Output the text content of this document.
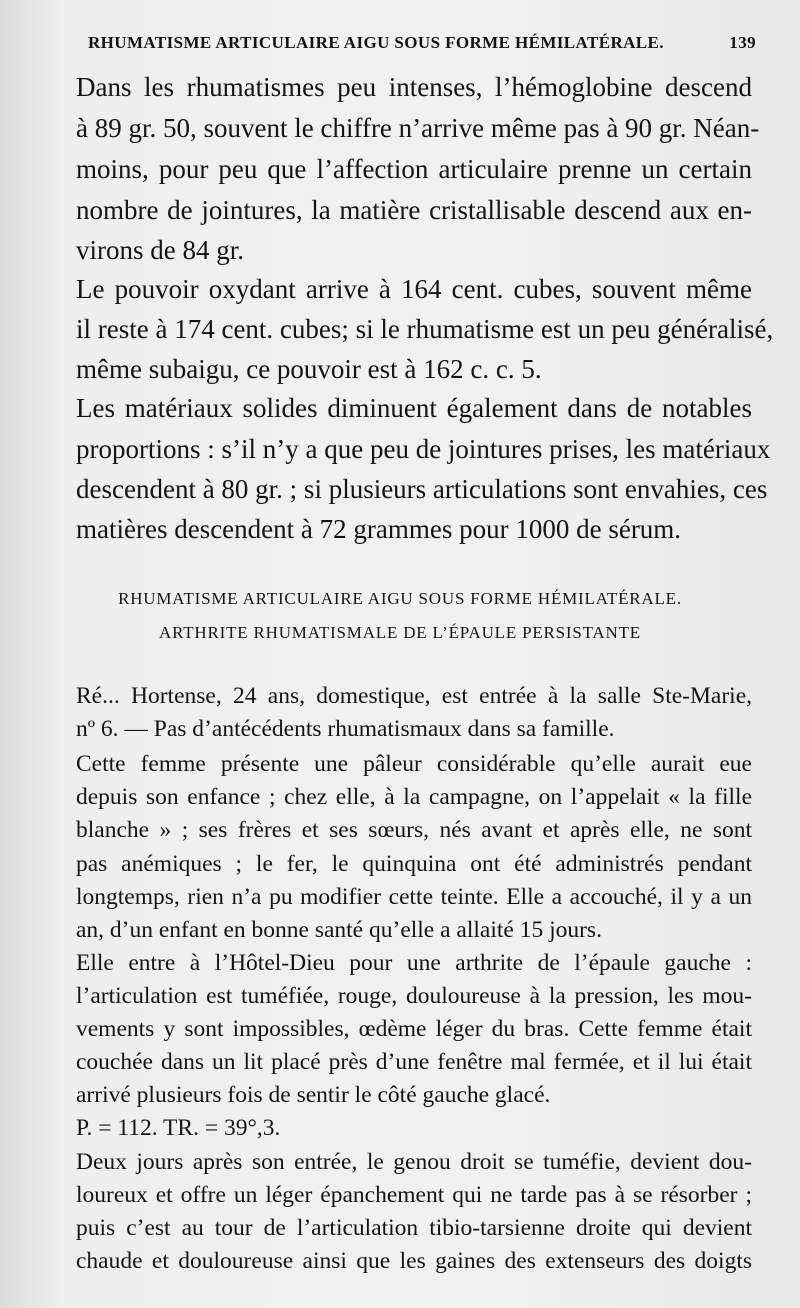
RHUMATISME ARTICULAIRE AIGU SOUS FORME HÉMILATÉRALE.	139
Dans les rhumatismes peu intenses, l’hémoglobine descend
à 89 gr. 50, souvent le chiffre n’arrive même pas à 90 gr. Néan-
moins, pour peu que l’affection articulaire prenne un certain
nombre de jointures, la matière cristallisable descend aux en-
virons de 84 gr.
Le pouvoir oxydant arrive à 164 cent. cubes, souvent même
il reste à 174 cent. cubes; si le rhumatisme est un peu généralisé,
même subaigu, ce pouvoir est à 162 c. c. 5.
Les matériaux solides diminuent également dans de notables
proportions : s’il n’y a que peu de jointures prises, les matériaux
descendent à 80 gr. ; si plusieurs articulations sont envahies, ces
matières descendent à 72 grammes pour 1000 de sérum.
RHUMATISME ARTICULAIRE AIGU SOUS FORME HÉMILATÉRALE.
ARTHRITE RHUMATISMALE DE L’ÉPAULE PERSISTANTE
Ré... Hortense, 24 ans, domestique, est entrée à la salle Ste-Marie,
nº 6. — Pas d’antécédents rhumatismaux dans sa famille.
Cette femme présente une pâleur considérable qu’elle aurait eue
depuis son enfance ; chez elle, à la campagne, on l’appelait « la fille
blanche » ; ses frères et ses sœurs, nés avant et après elle, ne sont
pas anémiques ; le fer, le quinquina ont été administrés pendant
longtemps, rien n’a pu modifier cette teinte. Elle a accouché, il y a un
an, d’un enfant en bonne santé qu’elle a allaité 15 jours.
Elle entre à l’Hôtel-Dieu pour une arthrite de l’épaule gauche :
l’articulation est tuméfiée, rouge, douloureuse à la pression, les mou-
vements y sont impossibles, œdème léger du bras. Cette femme était
couchée dans un lit placé près d’une fenêtre mal fermée, et il lui était
arrivé plusieurs fois de sentir le côté gauche glacé.
P. = 112. TR. = 39°,3.
Deux jours après son entrée, le genou droit se tuméfie, devient dou-
loureux et offre un léger épanchement qui ne tarde pas à se résorber ;
puis c’est au tour de l’articulation tibio-tarsienne droite qui devient
chaude et douloureuse ainsi que les gaines des extenseurs des doigts
